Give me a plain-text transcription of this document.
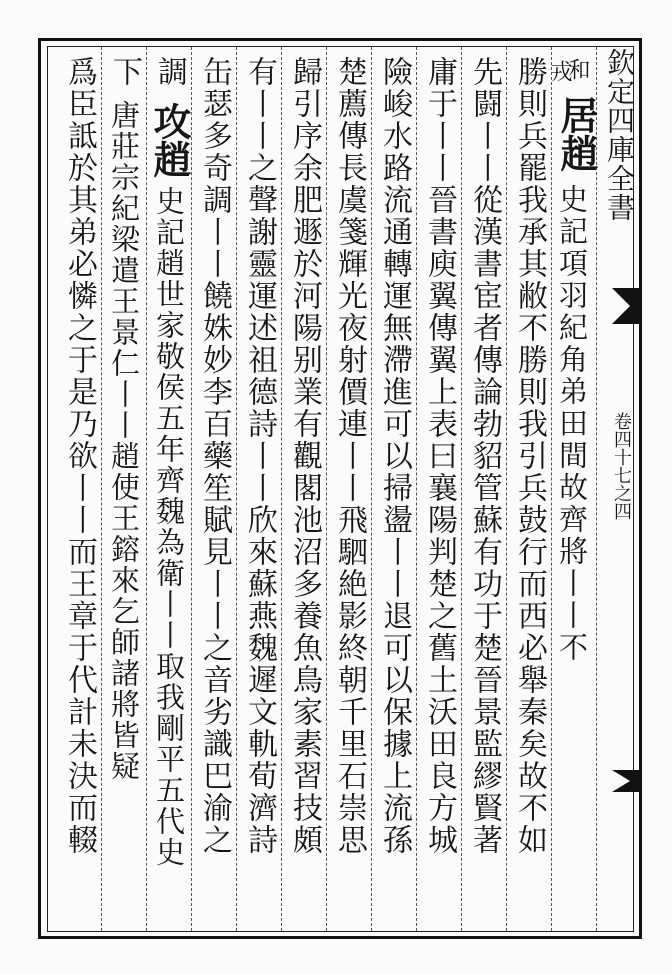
欽定四庫全書
卷四十七之四
和
戎
居趙
史記項羽紀角弟田間故齊將丨丨不
勝則兵罷我承其敝不勝則我引兵鼓行而西必舉秦矣故不如
先闘丨丨從漢書宦者傳論勃貂管蘇有功于楚晉景監繆賢著
庸于丨丨晉書庾翼傳翼上表曰襄陽判楚之舊土沃田良方城
險峻水路流通轉運無滯進可以掃盪丨丨退可以保據上流孫
楚薦傳長虞箋輝光夜射價連丨丨飛駟絶影終朝千里石崇思
歸引序余肥遯於河陽别業有觀閣池沼多養魚鳥家素習技頗
有丨丨之聲謝靈運述祖德詩丨丨欣來蘇燕魏遲文軌荀濟詩
缶瑟多奇調丨丨饒姝妙李百藥笙賦見丨丨之音劣識巴渝之
調
攻趙
史記趙世家敬侯五年齊魏為衛丨丨取我剛平五代史
下
唐莊宗紀梁遣王景仁丨丨趙使王鎔來乞師諸將皆疑
爲臣詆於其弟必憐之于是乃欲丨丨而王章于代計未決而輟
